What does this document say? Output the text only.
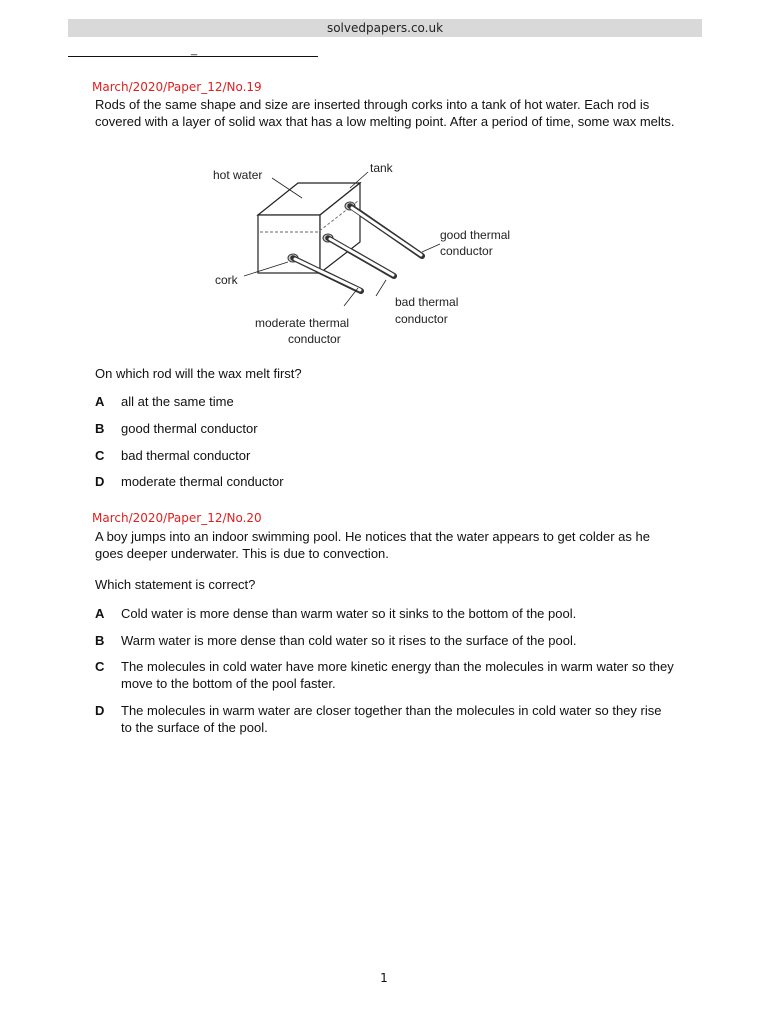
solvedpapers.co.uk
_
March/2020/Paper_12/No.19
Rods of the same shape and size are inserted through corks into a tank of hot water. Each rod is covered with a layer of solid wax that has a low melting point. After a period of time, some wax melts.
hot water	tank
good thermal
conductor
cork
bad thermal
conductor
moderate thermal
conductor
On which rod will the wax melt first?
A all at the same time
B good thermal conductor
C bad thermal conductor
D moderate thermal conductor
March/2020/Paper_12/No.20
A boy jumps into an indoor swimming pool. He notices that the water appears to get colder as he goes deeper underwater. This is due to convection.
Which statement is correct?
A Cold water is more dense than warm water so it sinks to the bottom of the pool.
B Warm water is more dense than cold water so it rises to the surface of the pool.
C The molecules in cold water have more kinetic energy than the molecules in warm water so they move to the bottom of the pool faster.
D The molecules in warm water are closer together than the molecules in cold water so they rise to the surface of the pool.
1
